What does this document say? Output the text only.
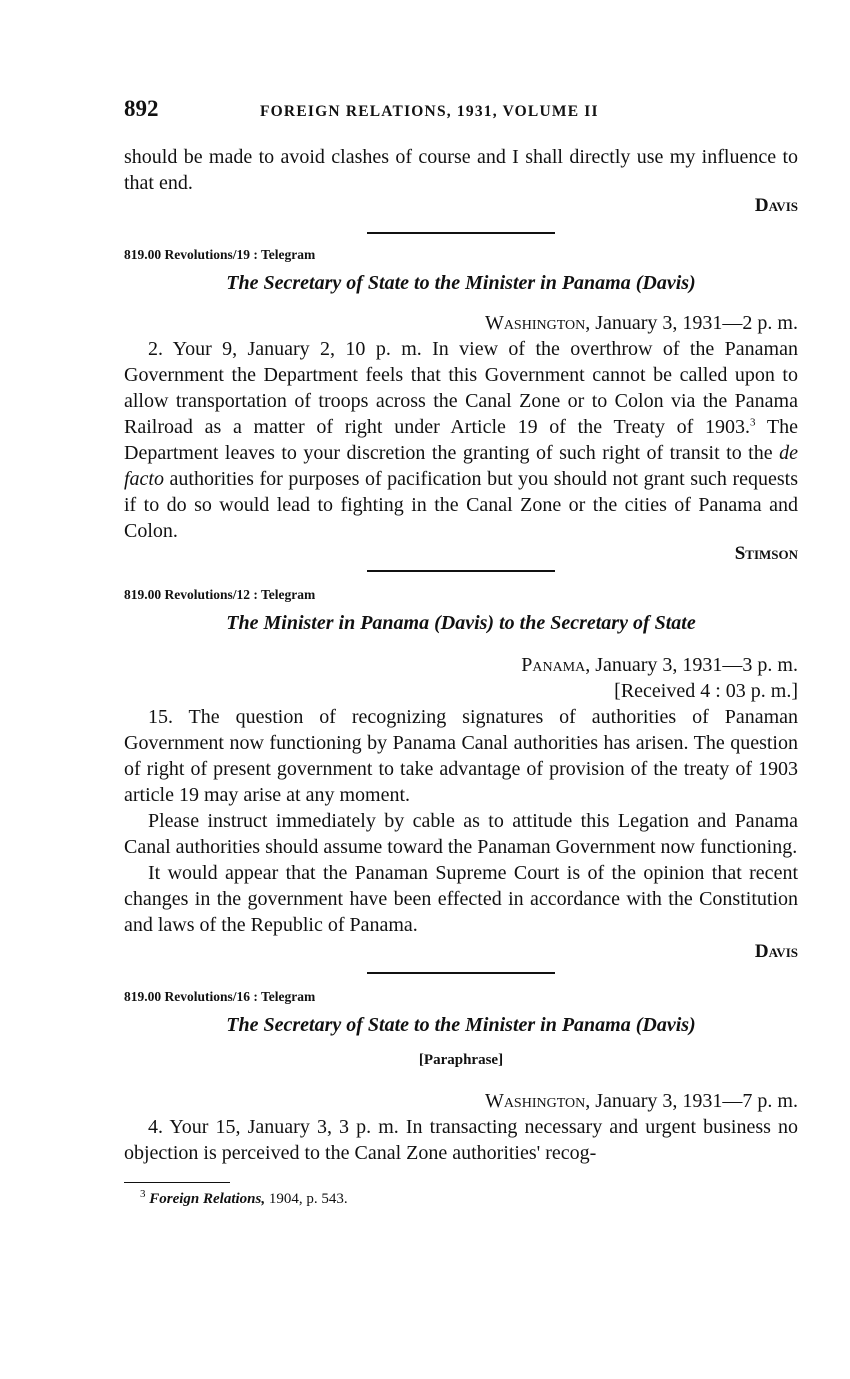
892	FOREIGN RELATIONS, 1931, VOLUME II

should be made to avoid clashes of course and I shall directly use my influence to that end.

Davis
819.00 Revolutions/19 : Telegram
The Secretary of State to the Minister in Panama (Davis)
Washington, January 3, 1931—2 p. m.

2. Your 9, January 2, 10 p. m. In view of the overthrow of the Panaman Government the Department feels that this Government cannot be called upon to allow transportation of troops across the Canal Zone or to Colon via the Panama Railroad as a matter of right under Article 19 of the Treaty of 1903.$^3$ The Department leaves to your discretion the granting of such right of transit to the de facto authorities for purposes of pacification but you should not grant such requests if to do so would lead to fighting in the Canal Zone or the cities of Panama and Colon.

Stimson
819.00 Revolutions/12 : Telegram
The Minister in Panama (Davis) to the Secretary of State
Panama, January 3, 1931—3 p. m.
[Received 4 : 03 p. m.]

15. The question of recognizing signatures of authorities of Panaman Government now functioning by Panama Canal authorities has arisen. The question of right of present government to take advantage of provision of the treaty of 1903 article 19 may arise at any moment.

Please instruct immediately by cable as to attitude this Legation and Panama Canal authorities should assume toward the Panaman Government now functioning.

It would appear that the Panaman Supreme Court is of the opinion that recent changes in the government have been effected in accordance with the Constitution and laws of the Republic of Panama.

Davis
819.00 Revolutions/16 : Telegram
The Secretary of State to the Minister in Panama (Davis)
[Paraphrase]
Washington, January 3, 1931—7 p. m.

4. Your 15, January 3, 3 p. m. In transacting necessary and urgent business no objection is perceived to the Canal Zone authorities' recog-

$^3$ Foreign Relations, 1904, p. 543.
